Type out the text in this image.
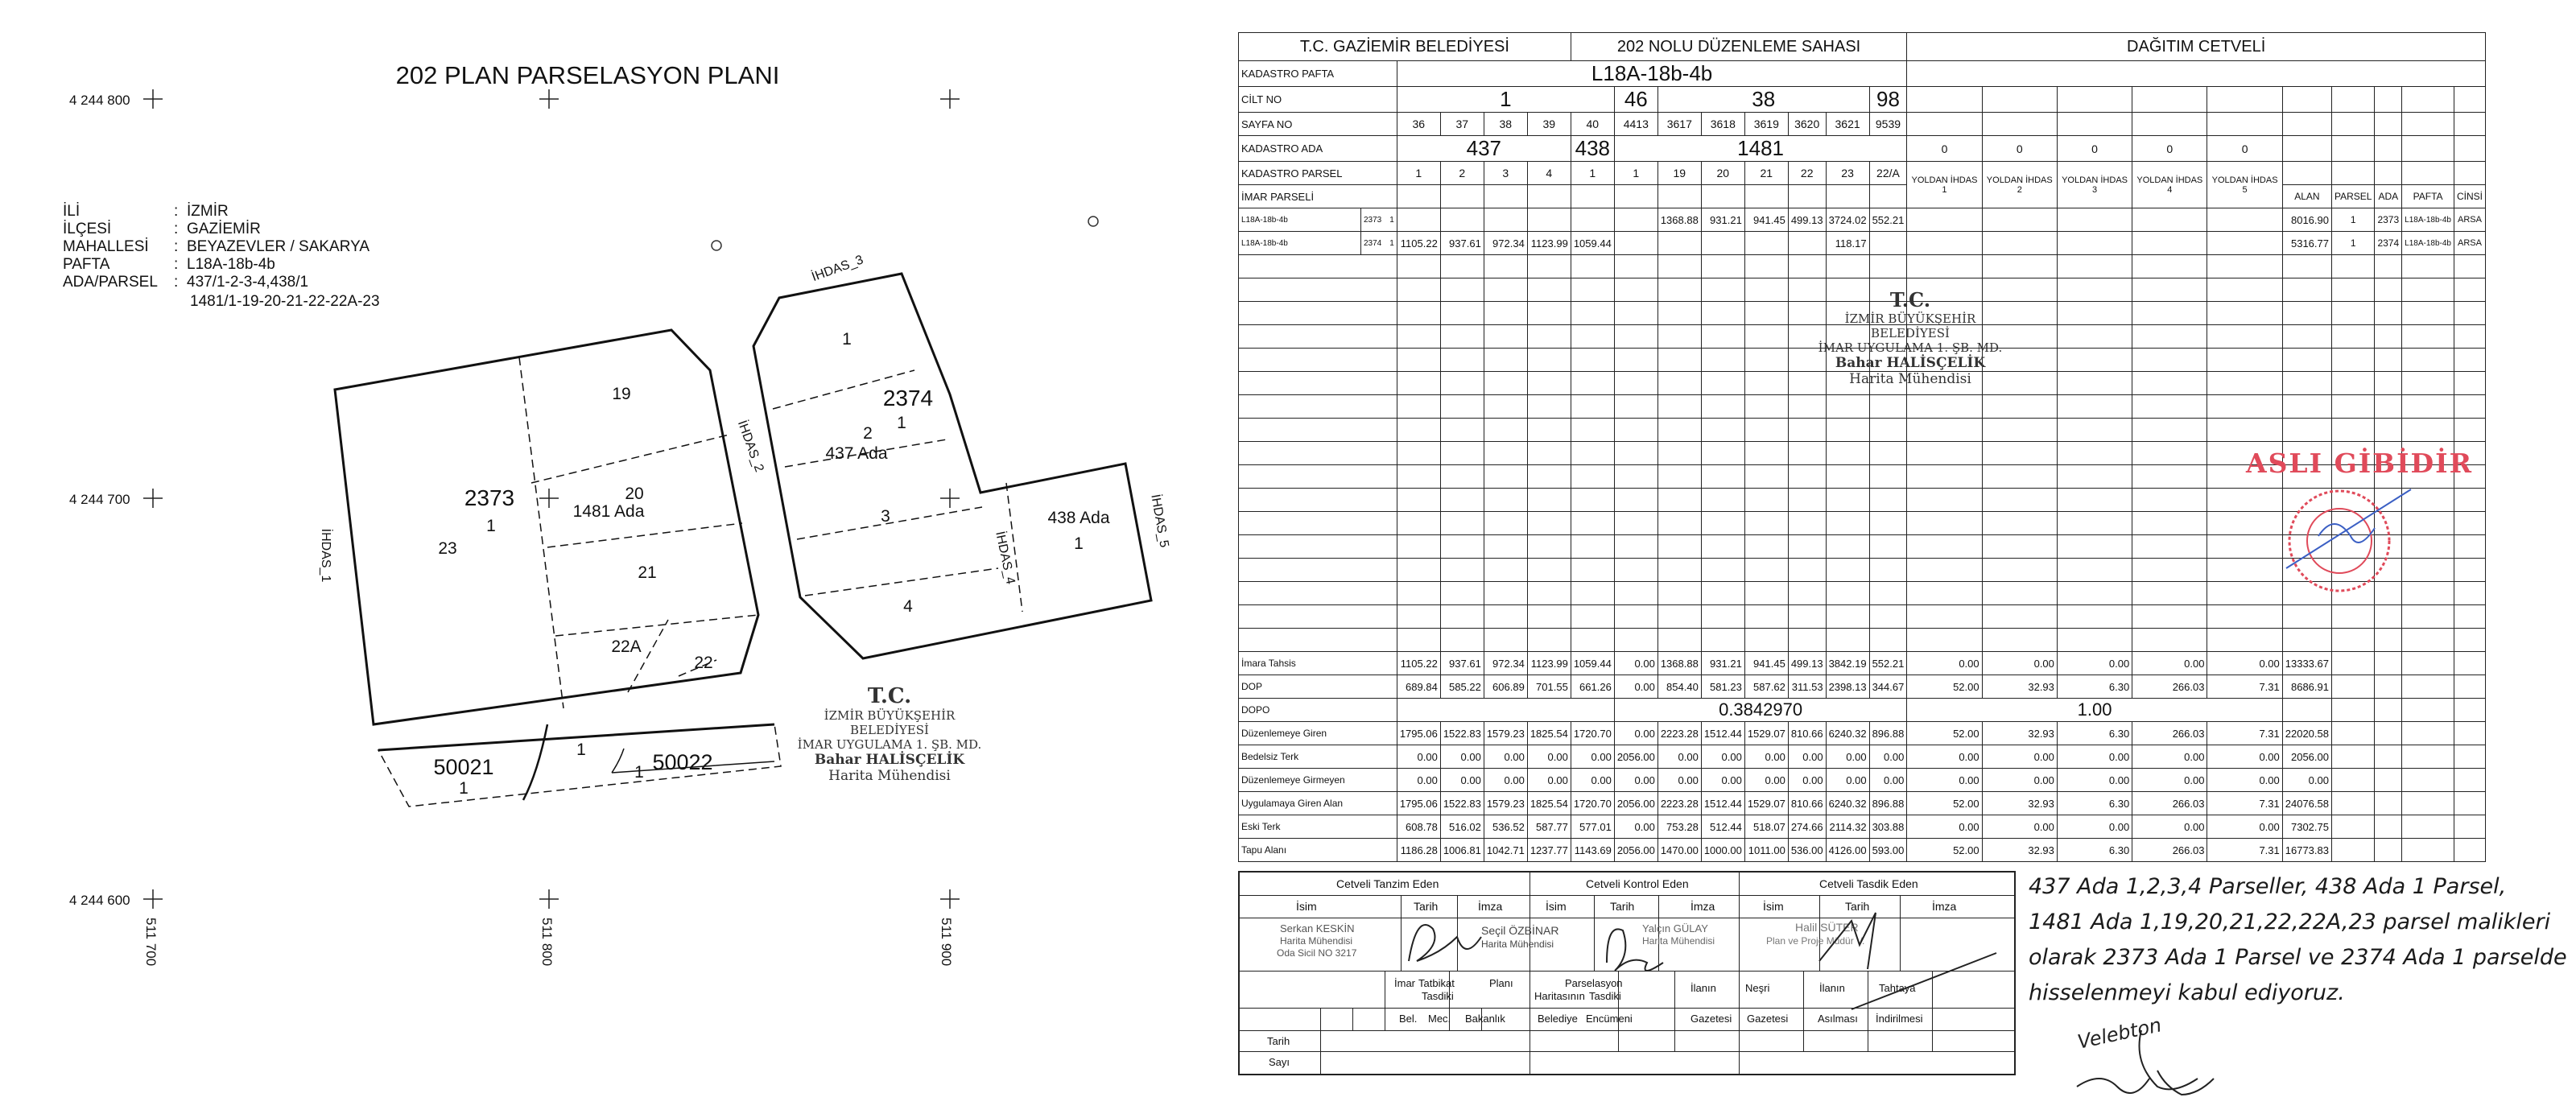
202 PLAN PARSELASYON PLANI
İLİ	: İZMİR
İLÇESİ	: GAZİEMİR
MAHALLESİ : BEYAZEVLER / SAKARYA
PAFTA	: L18A-18b-4b
ADA/PARSEL : 437/1-2-3-4,438/1
1481/1-19-20-21-22-22A-23
4 244 800
4 244 700
4 244 600
511 700	511 800	511 900
İHDAS_1
İHDAS_2
İHDAS_3
İHDAS_4
İHDAS_5
19
2373
1
23
20
1481 Ada
21
22A
22
1
2374
2
1
437 Ada
3
4
438 Ada
1
50021
1
50022
1
1
T.C.
İZMİR BÜYÜKŞEHİR BELEDİYESİ
İMAR UYGULAMA 1. ŞB. MD.
Bahar HALİSÇELİK
Harita Mühendisi
T.C. GAZİEMİR BELEDİYESİ						202 NOLU DÜZENLEME SAHASI								DAĞITIM CETVELİ									
KADASTRO PAFTA		L18A-18b-4b																					
CİLT NO		1					46	38					98										
SAYFA NO		36	37	38	39	40	4413	3617	3618	3619	3620	3621	9539										
KADASTRO ADA		437				438	1481							0	0	0	0	0					
KADASTRO PARSEL		1	2	3	4	1	1	19	20	21	22	23	22/A	YOLDAN İHDAS 1	YOLDAN İHDAS 2	YOLDAN İHDAS 3	YOLDAN İHDAS 4	YOLDAN İHDAS 5					
İMAR PARSELİ																			ALAN	PARSEL	ADA	PAFTA	CİNSİ
L18A-18b-4b	2373 1							1368.88	931.21	941.45	499.13	3724.02	552.21						8016.90	1	2373	L18A-18b-4b	ARSA
L18A-18b-4b	2374 1	1105.22	937.61	972.34	1123.99	1059.44						118.17							5316.77	1	2374	L18A-18b-4b	ARSA

İmara Tahsis		1105.22	937.61	972.34	1123.99	1059.44	0.00	1368.88	931.21	941.45	499.13	3842.19	552.21	0.00	0.00	0.00	0.00	0.00	13333.67				
DOP		689.84	585.22	606.89	701.55	661.26	0.00	854.40	581.23	587.62	311.53	2398.13	344.67	52.00	32.93	6.30	266.03	7.31	8686.91				
DOPO							0.3842970							1.00									
Düzenlemeye Giren		1795.06	1522.83	1579.23	1825.54	1720.70	0.00	2223.28	1512.44	1529.07	810.66	6240.32	896.88	52.00	32.93	6.30	266.03	7.31	22020.58				
Bedelsiz Terk		0.00	0.00	0.00	0.00	0.00	2056.00	0.00	0.00	0.00	0.00	0.00	0.00	0.00	0.00	0.00	0.00	0.00	2056.00				
Düzenlemeye Girmeyen		0.00	0.00	0.00	0.00	0.00	0.00	0.00	0.00	0.00	0.00	0.00	0.00	0.00	0.00	0.00	0.00	0.00	0.00				
Uygulamaya Giren Alan		1795.06	1522.83	1579.23	1825.54	1720.70	2056.00	2223.28	1512.44	1529.07	810.66	6240.32	896.88	52.00	32.93	6.30	266.03	7.31	24076.58				
Eski Terk		608.78	516.02	536.52	587.77	577.01	0.00	753.28	512.44	518.07	274.66	2114.32	303.88	0.00	0.00	0.00	0.00	0.00	7302.75				
Tapu Alanı		1186.28	1006.81	1042.71	1237.77	1143.69	2056.00	1470.00	1000.00	1011.00	536.00	4126.00	593.00	52.00	32.93	6.30	266.03	7.31	16773.83				
T.C.
İZMİR BÜYÜKŞEHİR BELEDİYESİ
İMAR UYGULAMA 1. ŞB. MD.
Bahar HALİSÇELİK
Harita Mühendisi
ASLI GİBİDİR
Cetveli Tanzim Eden	Cetveli Kontrol Eden	Cetveli Tasdik Eden
İsim	Tarih	İmza	İsim	Tarih	İmza	İsim	Tarih	İmza
Serkan KESKİN
Harita Mühendisi
Oda Sicil NO 3217
Seçil ÖZBİNAR
Harita Mühendisi
Yalçın GÜLAY
Harita Mühendisi
Halil SÜTER
Plan ve Proje Müdür V.
İmar Tatbikat
Tasdiki
Planı	Parselasyon
Haritasının Tasdiki
İlanın	Neşri	İlanın	Tahtaya
Bel. Mec. Bakanlık	Belediye Encümeni	Gazetesi Gazetesi	Asılması İndirilmesi
Tarih
Sayı
437 Ada 1,2,3,4 Parseller, 438 Ada 1 Parsel,
1481 Ada 1,19,20,21,22,22A,23 parsel malikleri
olarak 2373 Ada 1 Parsel ve 2374 Ada 1 parselde
hisselenmeyi kabul ediyoruz.
Velebton
